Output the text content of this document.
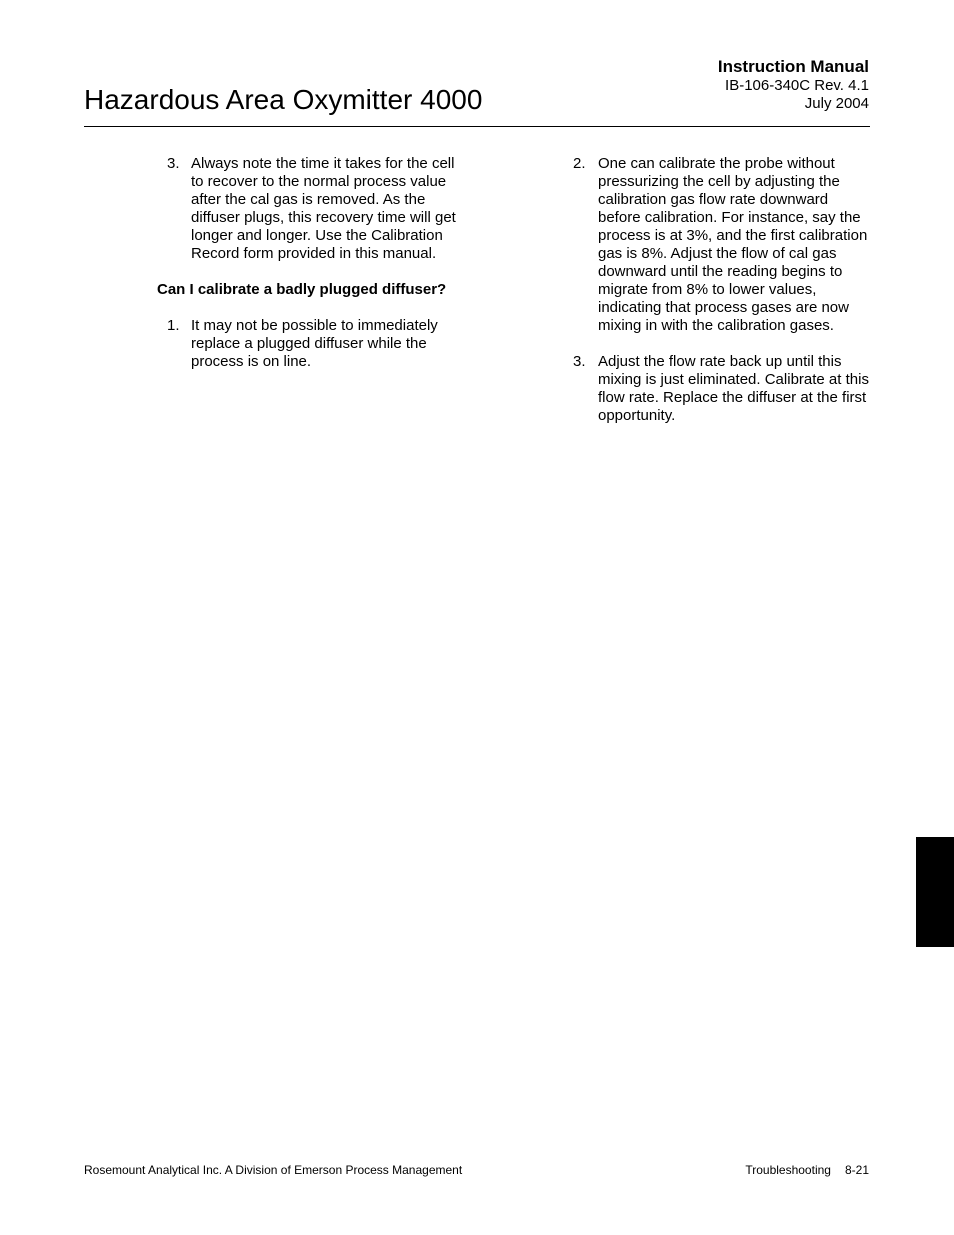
Hazardous Area Oxymitter 4000
Instruction Manual
IB-106-340C Rev. 4.1
July 2004
3. Always note the time it takes for the cell to recover to the normal process value after the cal gas is removed. As the diffuser plugs, this recovery time will get longer and longer. Use the Calibration Record form provided in this manual.
Can I calibrate a badly plugged diffuser?
1. It may not be possible to immediately replace a plugged diffuser while the process is on line.
2. One can calibrate the probe without pressurizing the cell by adjusting the calibration gas flow rate downward before calibration. For instance, say the process is at 3%, and the first calibration gas is 8%. Adjust the flow of cal gas downward until the reading begins to migrate from 8% to lower values, indicating that process gases are now mixing in with the calibration gases.
3. Adjust the flow rate back up until this mixing is just eliminated. Calibrate at this flow rate. Replace the diffuser at the first opportunity.
Rosemount Analytical Inc. A Division of Emerson Process Management	Troubleshooting 8-21
